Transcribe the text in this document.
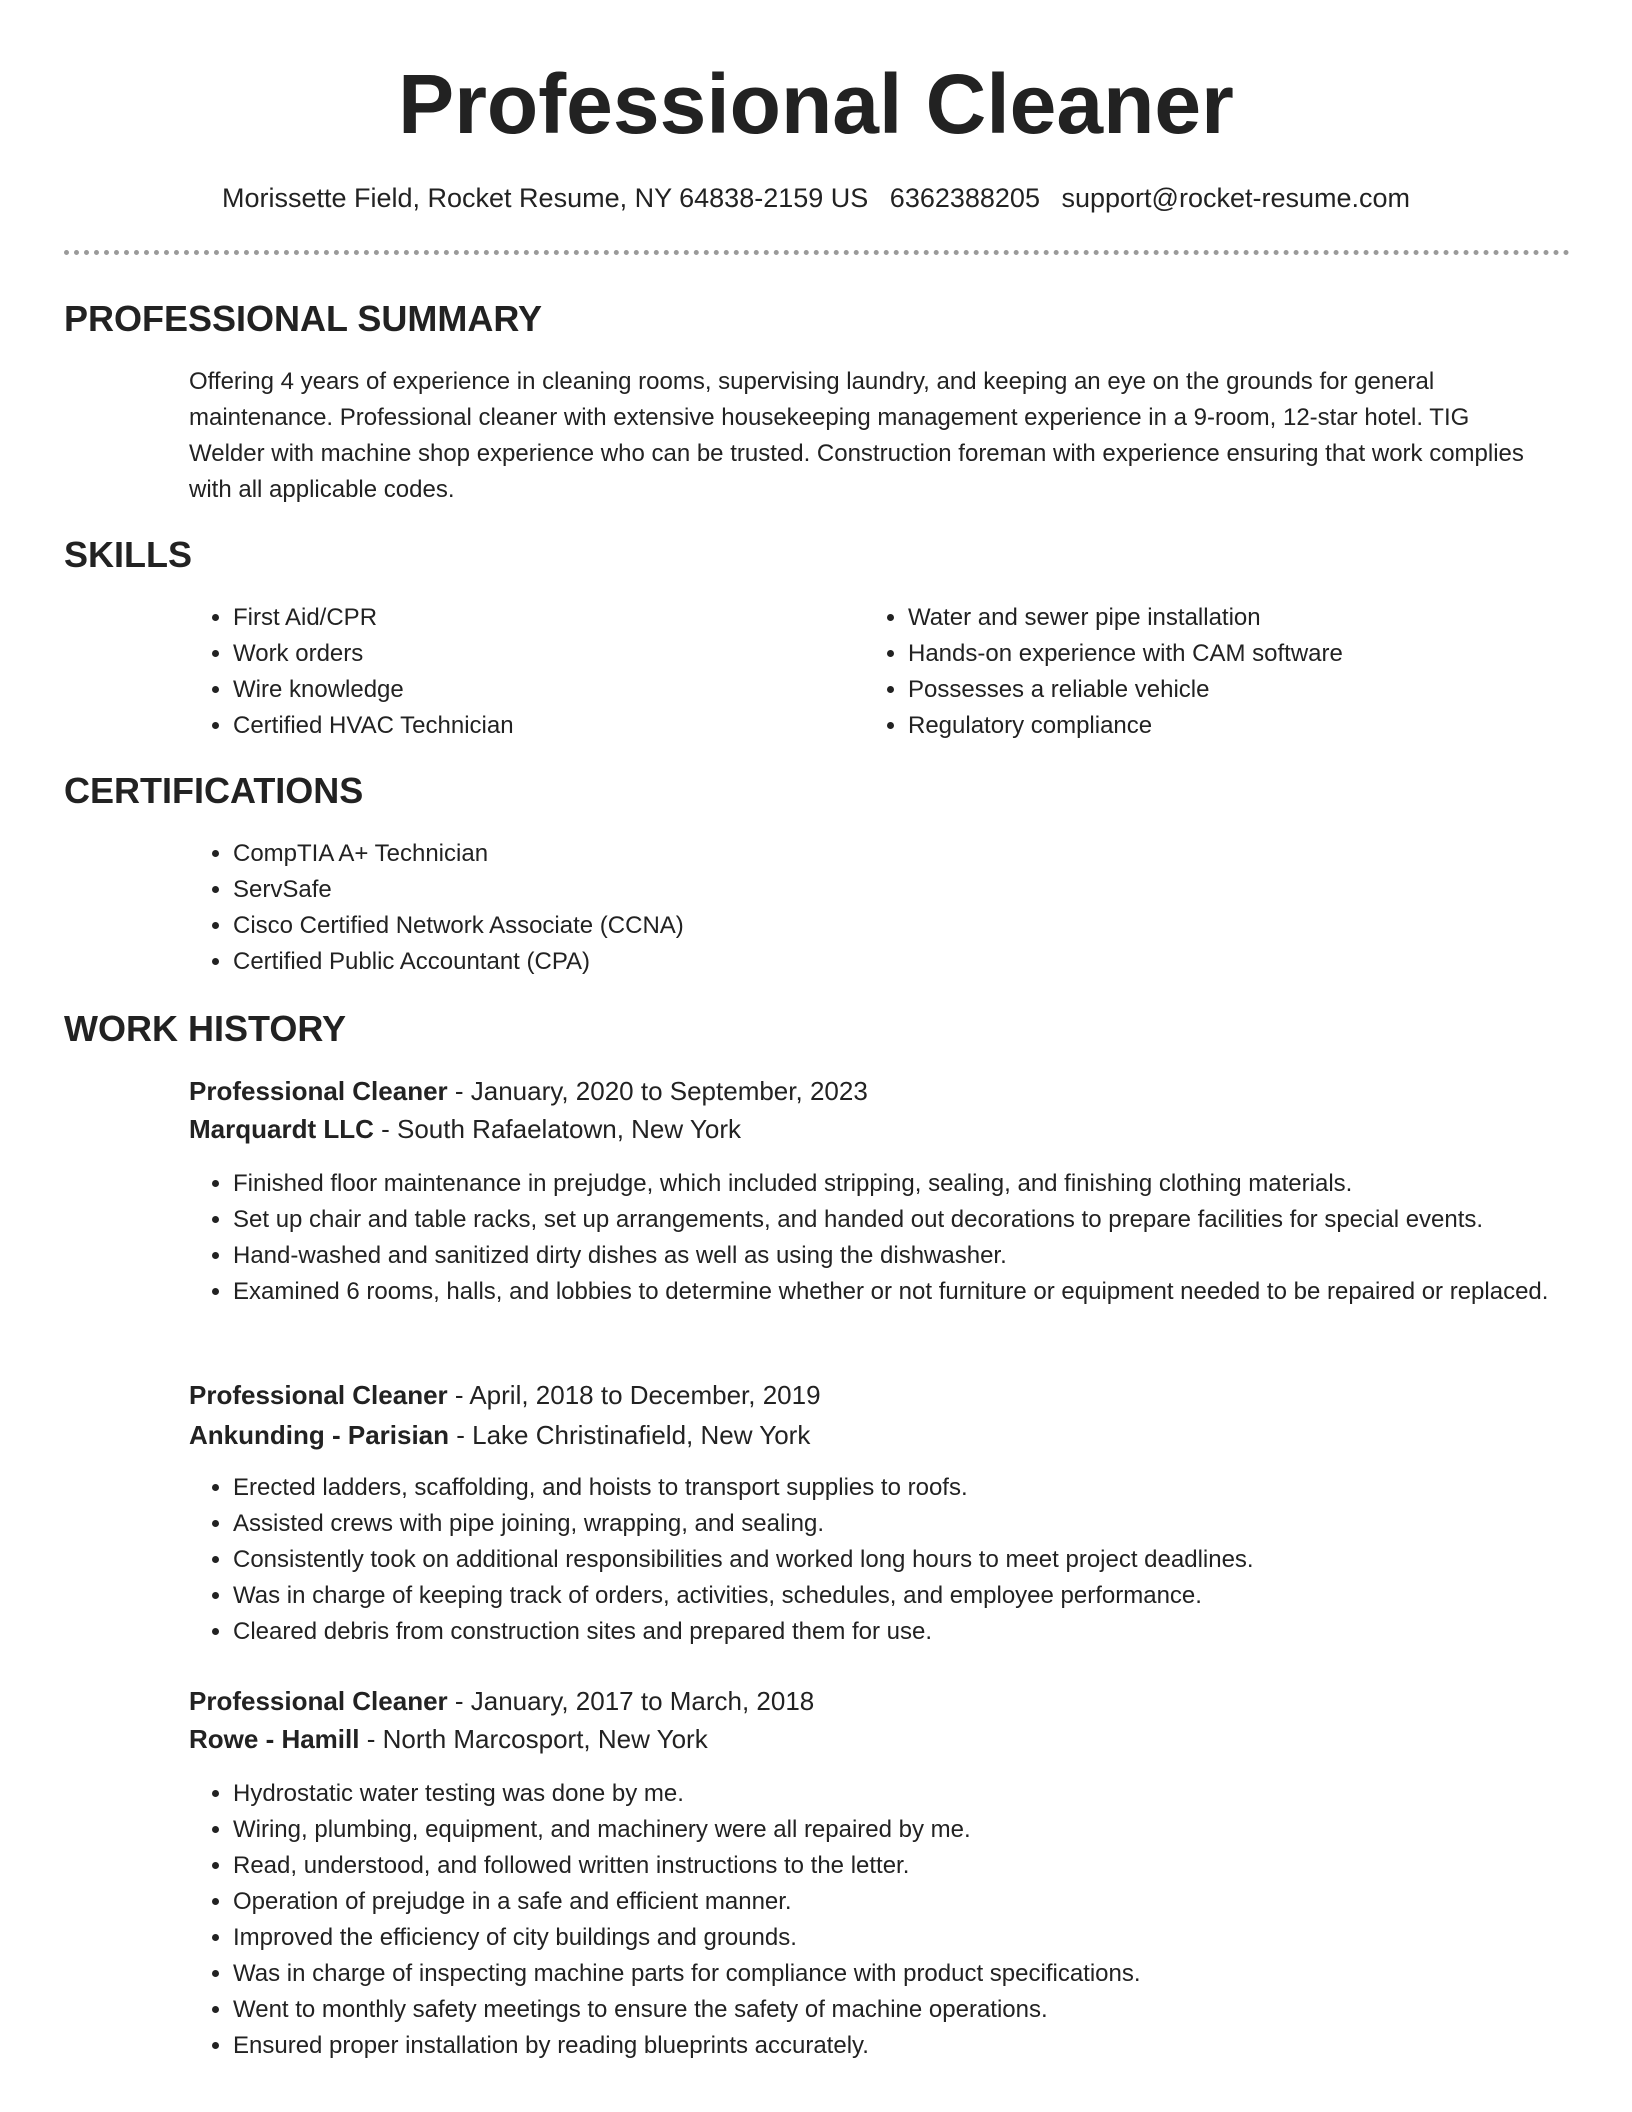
Professional Cleaner
Morissette Field, Rocket Resume, NY 64838-2159 US 6362388205 support@rocket-resume.com
PROFESSIONAL SUMMARY
Offering 4 years of experience in cleaning rooms, supervising laundry, and keeping an eye on the grounds for general maintenance. Professional cleaner with extensive housekeeping management experience in a 9-room, 12-star hotel. TIG Welder with machine shop experience who can be trusted. Construction foreman with experience ensuring that work complies with all applicable codes.
SKILLS
• First Aid/CPR
• Work orders
• Wire knowledge
• Certified HVAC Technician
• Water and sewer pipe installation
• Hands-on experience with CAM software
• Possesses a reliable vehicle
• Regulatory compliance
CERTIFICATIONS
• CompTIA A+ Technician
• ServSafe
• Cisco Certified Network Associate (CCNA)
• Certified Public Accountant (CPA)
WORK HISTORY
Professional Cleaner - January, 2020 to September, 2023
Marquardt LLC - South Rafaelatown, New York
• Finished floor maintenance in prejudge, which included stripping, sealing, and finishing clothing materials.
• Set up chair and table racks, set up arrangements, and handed out decorations to prepare facilities for special events.
• Hand-washed and sanitized dirty dishes as well as using the dishwasher.
• Examined 6 rooms, halls, and lobbies to determine whether or not furniture or equipment needed to be repaired or replaced.
Professional Cleaner - April, 2018 to December, 2019
Ankunding - Parisian - Lake Christinafield, New York
• Erected ladders, scaffolding, and hoists to transport supplies to roofs.
• Assisted crews with pipe joining, wrapping, and sealing.
• Consistently took on additional responsibilities and worked long hours to meet project deadlines.
• Was in charge of keeping track of orders, activities, schedules, and employee performance.
• Cleared debris from construction sites and prepared them for use.
Professional Cleaner - January, 2017 to March, 2018
Rowe - Hamill - North Marcosport, New York
• Hydrostatic water testing was done by me.
• Wiring, plumbing, equipment, and machinery were all repaired by me.
• Read, understood, and followed written instructions to the letter.
• Operation of prejudge in a safe and efficient manner.
• Improved the efficiency of city buildings and grounds.
• Was in charge of inspecting machine parts for compliance with product specifications.
• Went to monthly safety meetings to ensure the safety of machine operations.
• Ensured proper installation by reading blueprints accurately.
